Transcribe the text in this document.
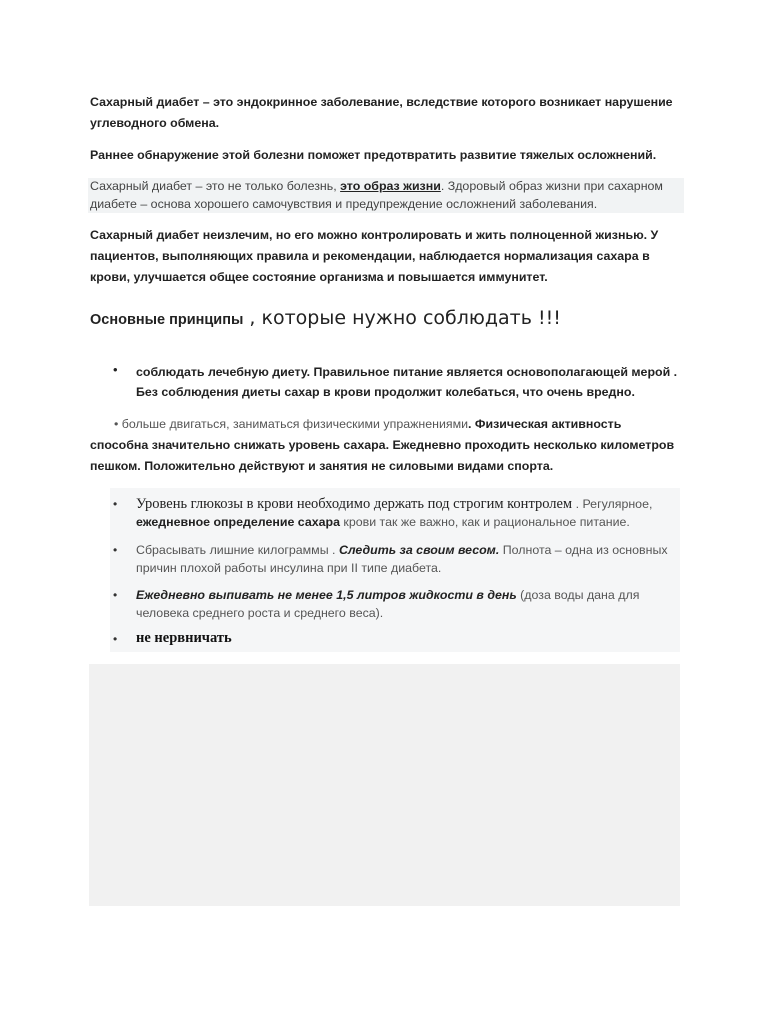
Сахарный диабет – это эндокринное заболевание, вследствие которого возникает нарушение углеводного обмена.

Раннее обнаружение этой болезни поможет предотвратить развитие тяжелых осложнений.

Сахарный диабет – это не только болезнь, это образ жизни. Здоровый образ жизни при сахарном диабете – основа хорошего самочувствия и предупреждение осложнений заболевания.

Сахарный диабет неизлечим, но его можно контролировать и жить полноценной жизнью. У пациентов, выполняющих правила и рекомендации, наблюдается нормализация сахара в крови, улучшается общее состояние организма и повышается иммунитет.

Основные принципы , которые нужно соблюдать !!!
• соблюдать лечебную диету. Правильное питание является основополагающей мерой . Без соблюдения диеты сахар в крови продолжит колебаться, что очень вредно.
• больше двигаться, заниматься физическими упражнениями. Физическая активность способна значительно снижать уровень сахара. Ежедневно проходить несколько километров пешком. Положительно действуют и занятия не силовыми видами спорта.
• Уровень глюкозы в крови необходимо держать под строгим контролем . Регулярное, ежедневное определение сахара крови так же важно, как и рациональное питание.
• Сбрасывать лишние килограммы . Следить за своим весом. Полнота – одна из основных причин плохой работы инсулина при II типе диабета.
• Ежедневно выпивать не менее 1,5 литров жидкости в день (доза воды дана для человека среднего роста и среднего веса).
• не нервничать
